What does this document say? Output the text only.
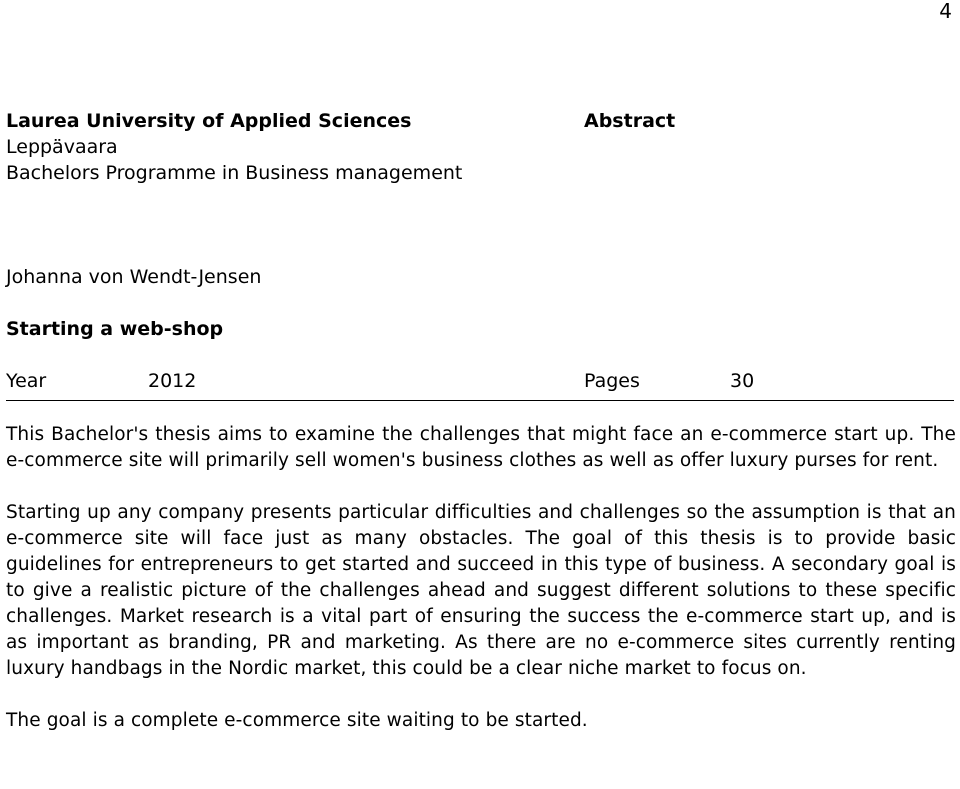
4
Laurea University of Applied Sciences
Leppävaara
Bachelors Programme in Business management
Abstract
Johanna von Wendt-Jensen
Starting a web-shop
Year	2012	Pages	30

This Bachelor's thesis aims to examine the challenges that might face an e-commerce start up. The e-commerce site will primarily sell women's business clothes as well as offer luxury purses for rent.

Starting up any company presents particular difficulties and challenges so the assumption is that an e-commerce site will face just as many obstacles. The goal of this thesis is to provide basic guidelines for entrepreneurs to get started and succeed in this type of business. A secondary goal is to give a realistic picture of the challenges ahead and suggest different solutions to these specific challenges. Market research is a vital part of ensuring the success the e-commerce start up, and is as important as branding, PR and marketing. As there are no e-commerce sites currently renting luxury handbags in the Nordic market, this could be a clear niche market to focus on.

The goal is a complete e-commerce site waiting to be started.
